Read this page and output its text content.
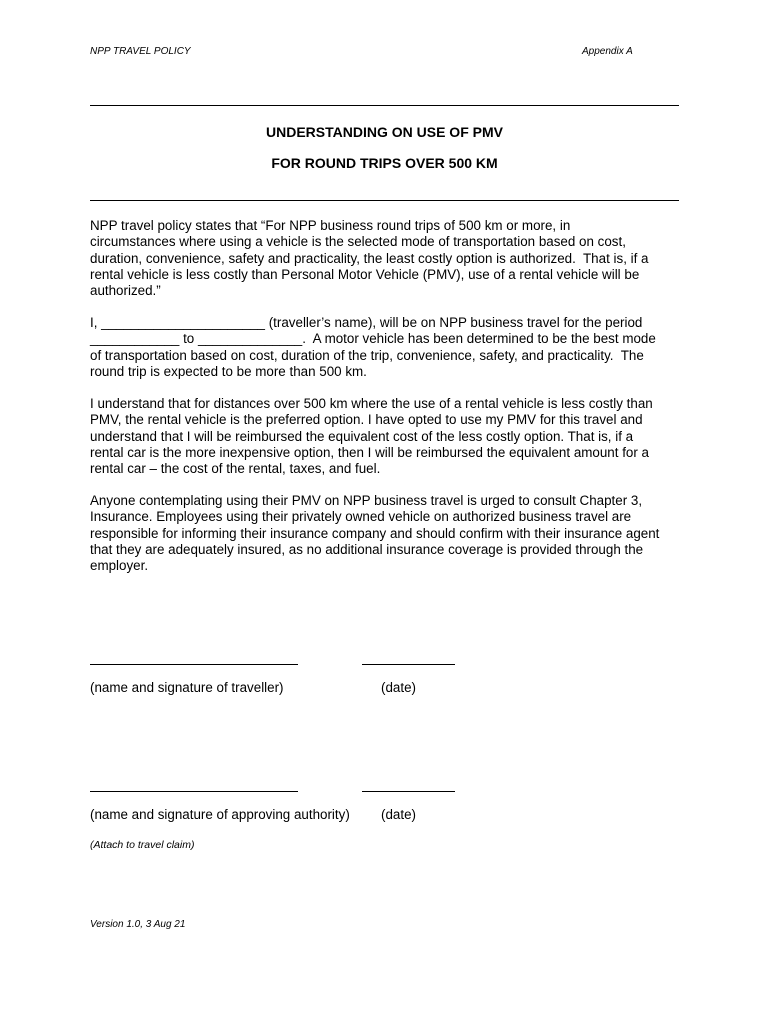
NPP TRAVEL POLICY	Appendix A
UNDERSTANDING ON USE OF PMV
FOR ROUND TRIPS OVER 500 KM
NPP travel policy states that “For NPP business round trips of 500 km or more, in
circumstances where using a vehicle is the selected mode of transportation based on cost,
duration, convenience, safety and practicality, the least costly option is authorized.  That is, if a
rental vehicle is less costly than Personal Motor Vehicle (PMV), use of a rental vehicle will be
authorized.”
I, ______________________ (traveller’s name), will be on NPP business travel for the period
____________ to ______________.  A motor vehicle has been determined to be the best mode
of transportation based on cost, duration of the trip, convenience, safety, and practicality.  The
round trip is expected to be more than 500 km.
I understand that for distances over 500 km where the use of a rental vehicle is less costly than
PMV, the rental vehicle is the preferred option. I have opted to use my PMV for this travel and
understand that I will be reimbursed the equivalent cost of the less costly option. That is, if a
rental car is the more inexpensive option, then I will be reimbursed the equivalent amount for a
rental car – the cost of the rental, taxes, and fuel.
Anyone contemplating using their PMV on NPP business travel is urged to consult Chapter 3,
Insurance. Employees using their privately owned vehicle on authorized business travel are
responsible for informing their insurance company and should confirm with their insurance agent
that they are adequately insured, as no additional insurance coverage is provided through the
employer.
(name and signature of traveller)	(date)
(name and signature of approving authority) (date)
(Attach to travel claim)
Version 1.0, 3 Aug 21
